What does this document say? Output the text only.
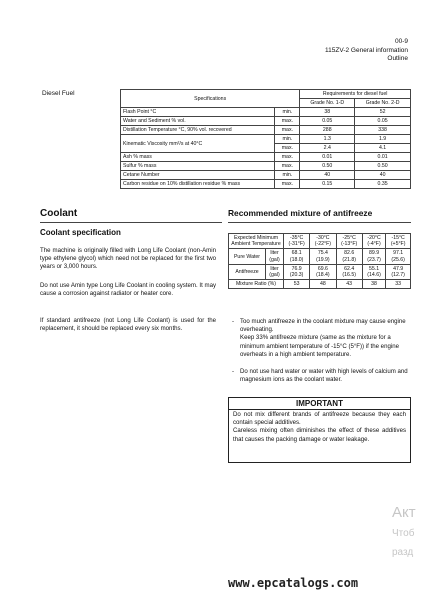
00-9
115ZV-2 General information
Outline
Diesel Fuel
Specifications		Requirements for diesel fuel	
		Grade No. 1-D	Grade No. 2-D
Flash Point °C	min.	38	52
Water and Sediment % vol.	max.	0.05	0.05
Distillation Temperature °C, 90% vol. recovered	max.	288	338
Kinematic Viscosity mm²/s at 40°C	min.	1.3	1.9
	max.	2.4	4.1
Ash % mass	max.	0.01	0.01
Sulfur % mass	max.	0.50	0.50
Cetane Number	min.	40	40
Carbon residue on 10% distillation residue % mass	max.	0.15	0.35
Coolant
Coolant specification

The machine is originally filled with Long Life Coolant (non-Amin type ethylene glycol) which need not be replaced for the first two years or 3,000 hours.

Do not use Amin type Long Life Coolant in cooling system. It may cause a corrosion against radiator or heater core.

If standard antifreeze (not Long Life Coolant) is used for the replacement, it should be replaced every six months.

Recommended mixture of antifreeze
Expected Minimum Ambient Temperature		-35°C (-31°F)	-30°C (-22°F)	-25°C (-13°F)	-20°C (-4°F)	-15°C (+5°F)
Pure Water	liter (gal)	68.1 (18.0)	75.4 (19.9)	82.6 (21.8)	89.9 (23.7)	97.1 (25.6)
Antifreeze	liter (gal)	76.9 (20.3)	69.6 (18.4)	62.4 (16.5)	55.1 (14.6)	47.9 (12.7)
Mixture Ratio (%)		53	48	43	38	33
- Too much antifreeze in the coolant mixture may cause engine overheating.
Keep 33% antifreeze mixture (same as the mixture for a minimum ambient temperature of -15°C (5°F)) if the engine overheats in a high ambient temperature.
- Do not use hard water or water with high levels of calcium and magnesium ions as the coolant water.
IMPORTANT
Do not mix different brands of antifreeze because they each contain special additives.
Careless mixing often diminishes the effect of these additives that causes the packing damage or water leakage.
Акт
Чтоб
разд
www.epcatalogs.com
